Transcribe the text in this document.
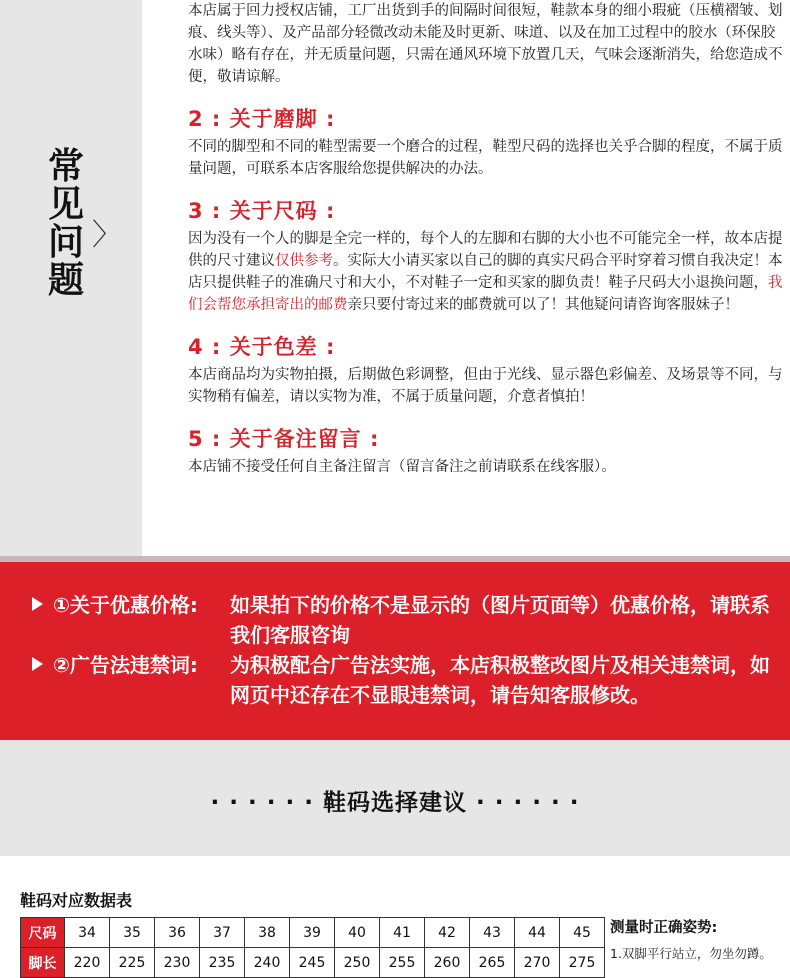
常
见
问
题
〉

本店属于回力授权店铺，工厂出货到手的间隔时间很短，鞋款本身的细小瑕疵（压横褶皱、划痕、线头等）、及产品部分轻微改动未能及时更新、味道、以及在加工过程中的胶水（环保胶水味）略有存在，并无质量问题，只需在通风环境下放置几天，气味会逐渐消失，给您造成不便，敬请谅解。

2 : 关于磨脚 :

不同的脚型和不同的鞋型需要一个磨合的过程，鞋型尺码的选择也关乎合脚的程度，不属于质量问题，可联系本店客服给您提供解决的办法。

3 : 关于尺码 :

因为没有一个人的脚是全完一样的，每个人的左脚和右脚的大小也不可能完全一样，故本店提供的尺寸建议仅供参考。实际大小请买家以自己的脚的真实尺码合平时穿着习惯自我决定！本店只提供鞋子的准确尺寸和大小，不对鞋子一定和买家的脚负责！鞋子尺码大小退换问题，我们会帮您承担寄出的邮费亲只要付寄过来的邮费就可以了！其他疑问请咨询客服妹子！

4 : 关于色差 :

本店商品均为实物拍摄，后期做色彩调整，但由于光线、显示器色彩偏差、及场景等不同，与实物稍有偏差，请以实物为准，不属于质量问题，介意者慎拍！

5 : 关于备注留言 :

本店铺不接受任何自主备注留言（留言备注之前请联系在线客服）。

①关于优惠价格: 如果拍下的价格不是显示的（图片页面等）优惠价格，请联系我们客服咨询
②广告法违禁词: 为积极配合广告法实施，本店积极整改图片及相关违禁词，如网页中还存在不显眼违禁词，请告知客服修改。
· · · · · · 鞋码选择建议 · · · · · ·
鞋码对应数据表
尺码	34	35	36	37	38	39	40	41	42	43	44	45
脚长	220	225	230	235	240	245	250	255	260	265	270	275
测量时正确姿势:
1.双脚平行站立，勿坐勿蹲。
